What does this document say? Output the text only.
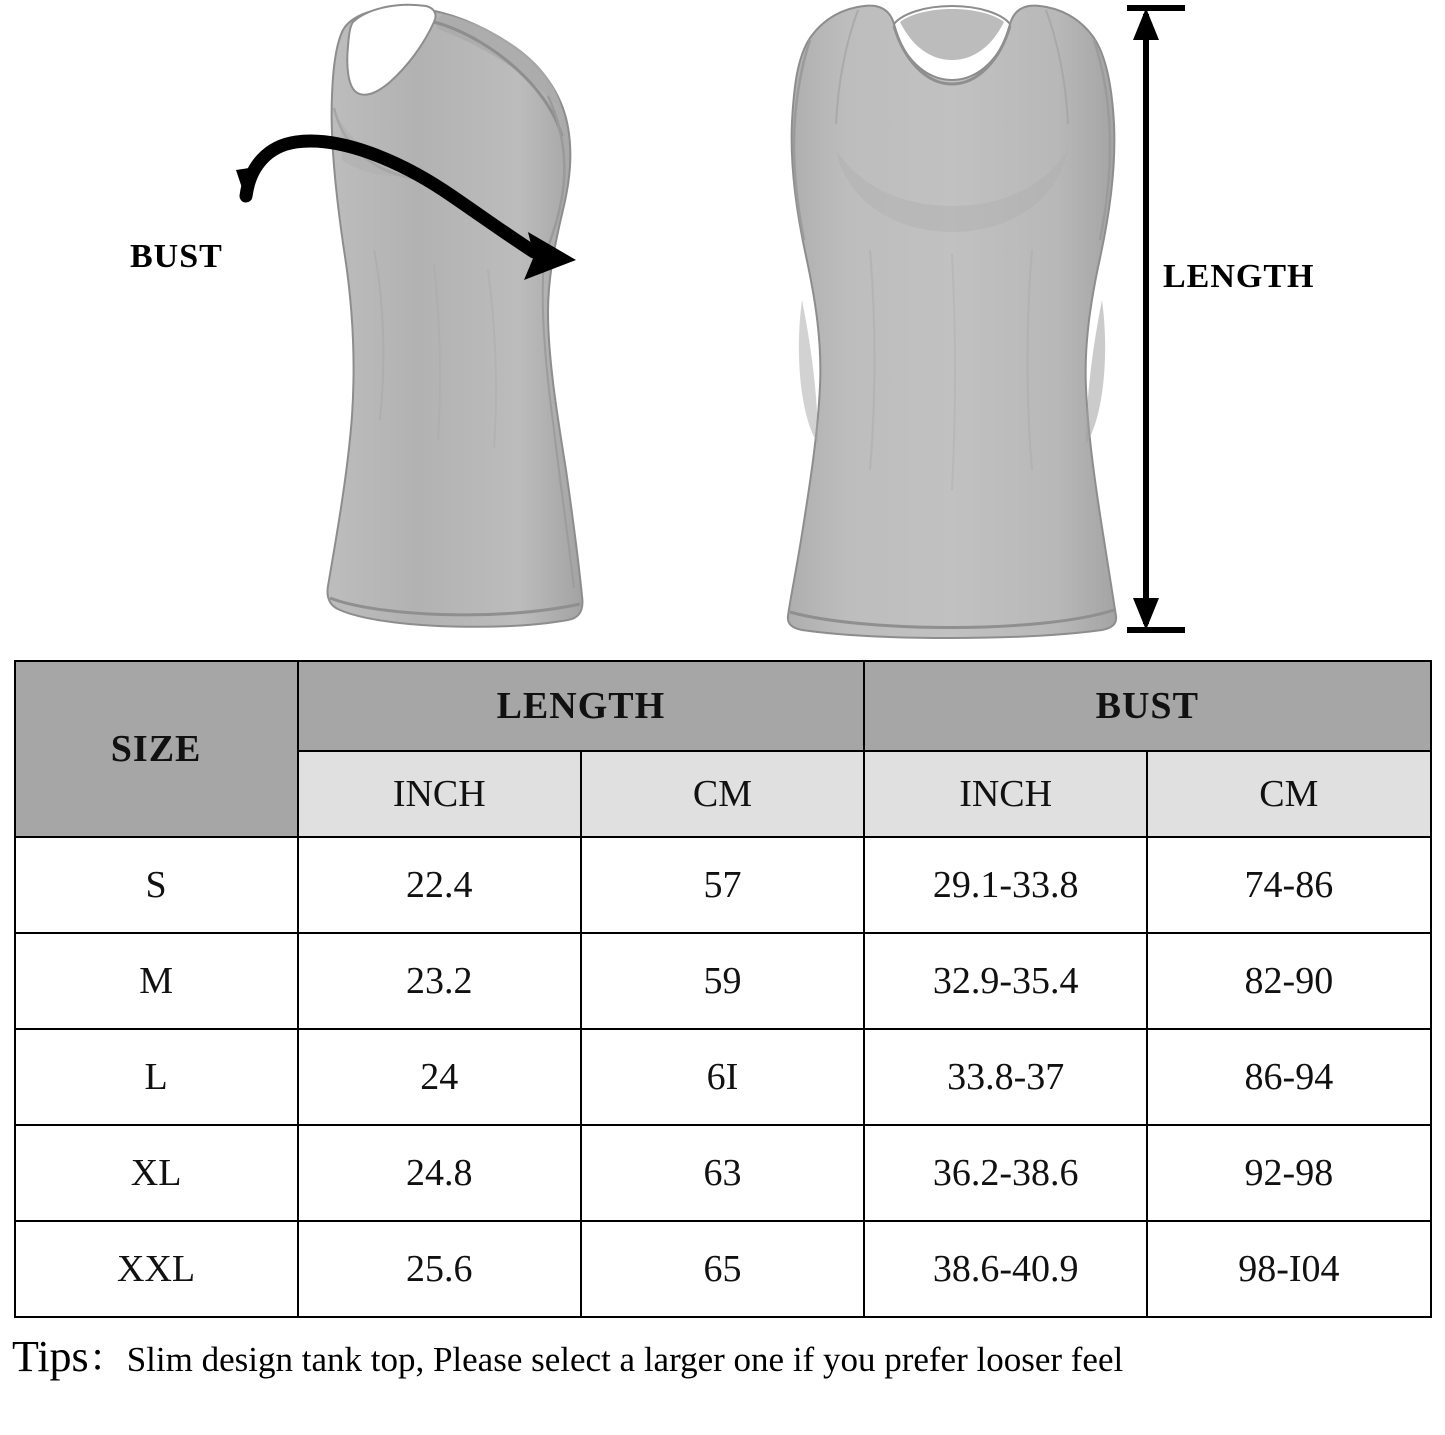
BUST
LENGTH
SIZE	LENGTH		BUST	
	INCH	CM	INCH	CM
S	22.4	57	29.1-33.8	74-86
M	23.2	59	32.9-35.4	82-90
L	24	6I	33.8-37	86-94
XL	24.8	63	36.2-38.6	92-98
XXL	25.6	65	38.6-40.9	98-I04
Tips：Slim design tank top, Please select a larger one if you prefer looser feel
